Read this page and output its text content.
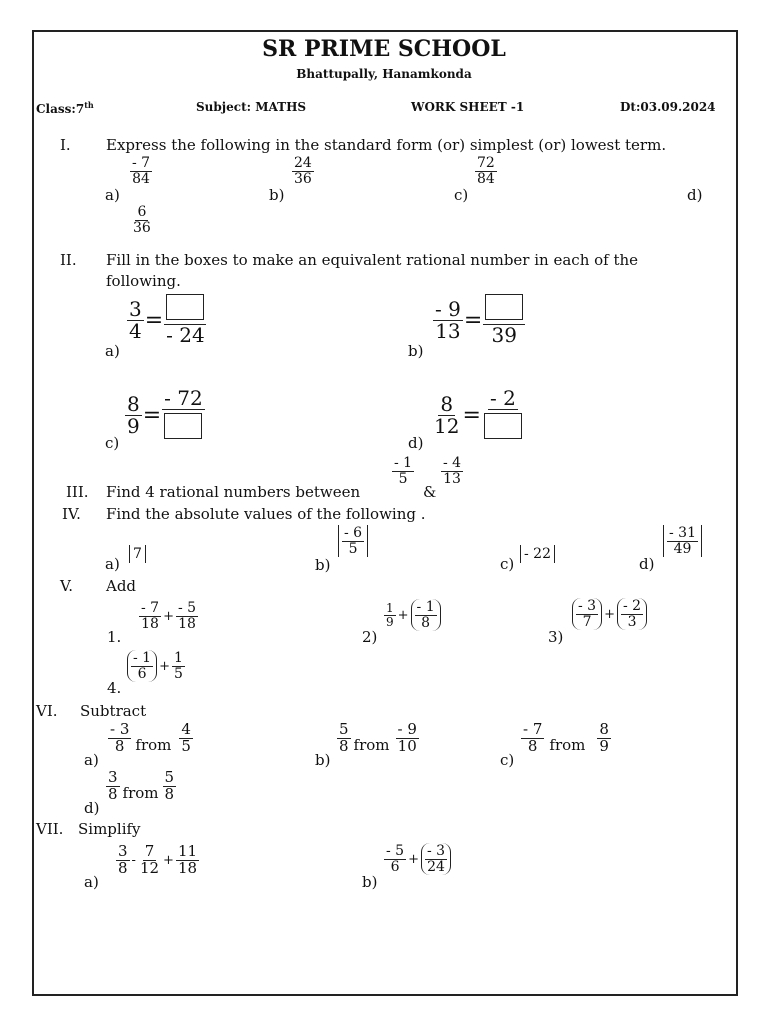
SR PRIME SCHOOL
Bhattupally, Hanamkonda
Class:7th	Subject: MATHS	WORK SHEET -1	Dt:03.09.2024
I. Express the following in the standard form (or) simplest (or) lowest term.
a)
- 7
84
b)
24
36
c)
72
84
d)
6
36
II. Fill in the boxes to make an equivalent rational number in each of the
following.
a)
$\frac{3}{4}$ =
- 24
b)
$\frac{- 9}{13}$ =
39
c)
$\frac{8}{9}$ =
- 72
d)
$\frac{8}{12}$ =
- 2
III. Find 4 rational numbers between
- 1
5
&
- 4
13
IV. Find the absolute values of the following .
a)
7
b)
- 6
5
c)
- 22
d)
- 31
49
V. Add
1.
- 7
$18 + \frac{- 5}{18}$
2)
1
9 +
- 1
8
3)
- 3
7 +
- 2
3
4.
- 1
$6 + \frac{1}{5}$
VI. Subtract
a)
- 3
8 from
4
5
b)
5
8 from
- 9
10
c)
- 7
8 from
8
9
d)
3
8 from
5
8
VII. Simplify
a)
3
8 -
7
$12 + \frac{11}{18}$
b)
- 5
6 +
- 3
24
